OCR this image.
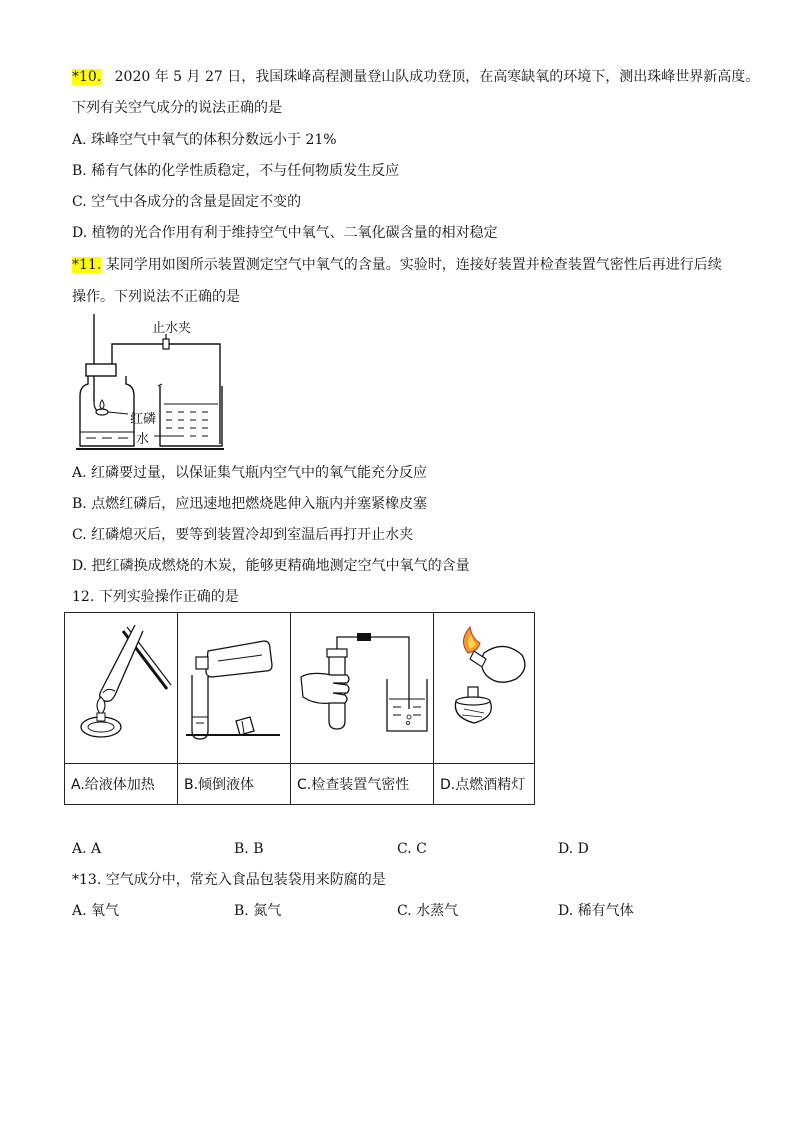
*10. 2020 年 5 月 27 日，我国珠峰高程测量登山队成功登顶，在高寒缺氧的环境下，测出珠峰世界新高度。
下列有关空气成分的说法正确的是
A. 珠峰空气中氧气的体积分数远小于 21%
B. 稀有气体的化学性质稳定，不与任何物质发生反应
C. 空气中各成分的含量是固定不变的
D. 植物的光合作用有利于维持空气中氧气、二氧化碳含量的相对稳定
*11. 某同学用如图所示装置测定空气中氧气的含量。实验时，连接好装置并检查装置气密性后再进行后续
操作。下列说法不正确的是
止水夹
红磷
水
A. 红磷要过量，以保证集气瓶内空气中的氧气能充分反应
B. 点燃红磷后，应迅速地把燃烧匙伸入瓶内并塞紧橡皮塞
C. 红磷熄灭后，要等到装置冷却到室温后再打开止水夹
D. 把红磷换成燃烧的木炭，能够更精确地测定空气中氧气的含量
12. 下列实验操作正确的是

A.给液体加热	B.倾倒液体	C.检查装置气密性	D.点燃酒精灯
A. A	B. B	C. C	D. D
*13. 空气成分中，常充入食品包装袋用来防腐的是
A. 氧气	B. 氮气	C. 水蒸气	D. 稀有气体
